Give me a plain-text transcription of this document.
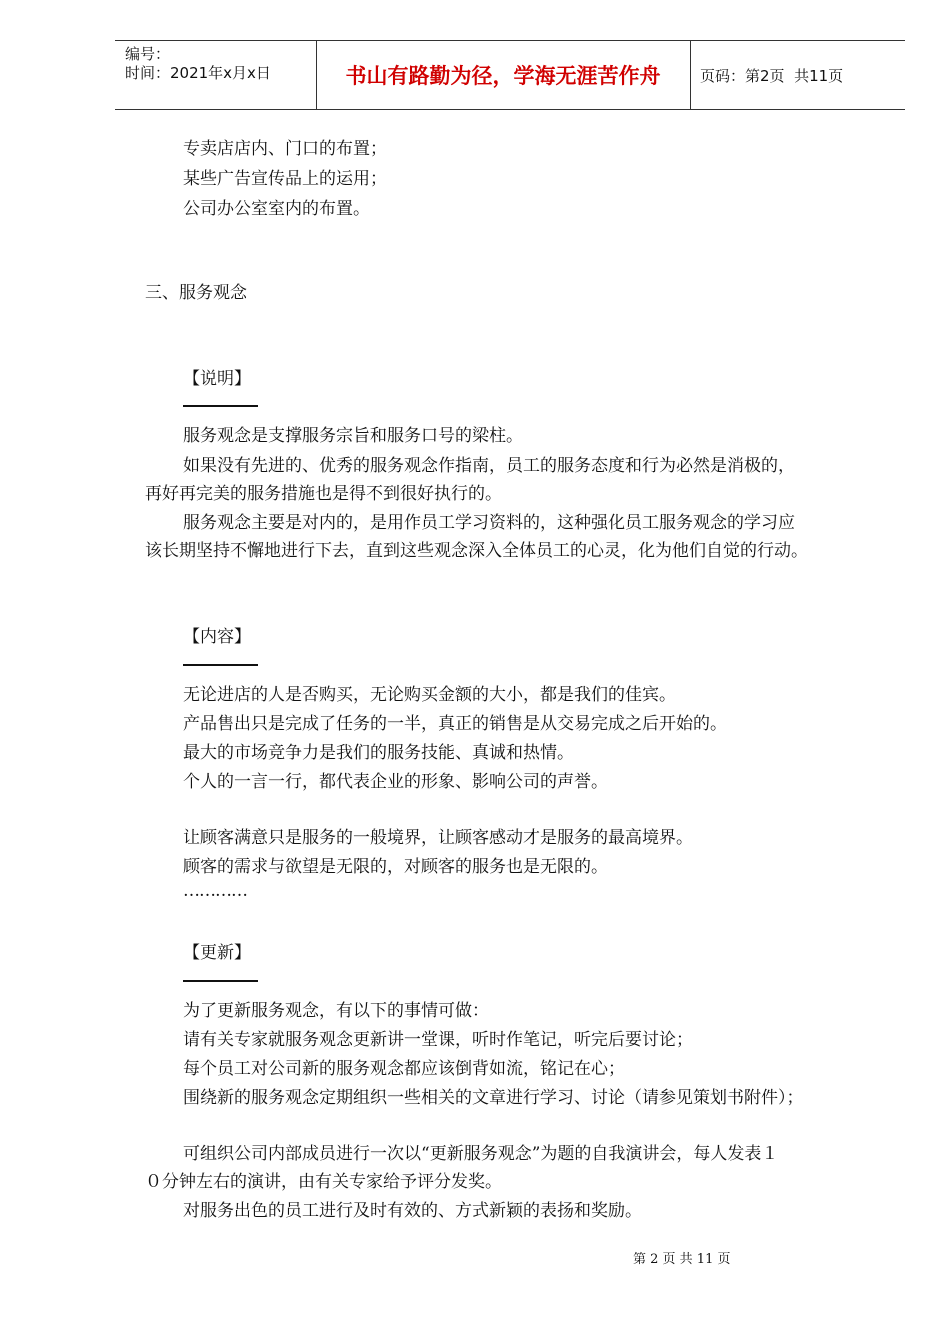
编号：
时间：2021年x月x日	书山有路勤为径，学海无涯苦作舟	页码：第2页  共11页
专卖店店内、门口的布置；
某些广告宣传品上的运用；
公司办公室室内的布置。
三、服务观念
【说明】
服务观念是支撑服务宗旨和服务口号的梁柱。
如果没有先进的、优秀的服务观念作指南，员工的服务态度和行为必然是消极的，
再好再完美的服务措施也是得不到很好执行的。
服务观念主要是对内的，是用作员工学习资料的，这种强化员工服务观念的学习应
该长期坚持不懈地进行下去，直到这些观念深入全体员工的心灵，化为他们自觉的行动。
【内容】
无论进店的人是否购买，无论购买金额的大小，都是我们的佳宾。
产品售出只是完成了任务的一半，真正的销售是从交易完成之后开始的。
最大的市场竞争力是我们的服务技能、真诚和热情。
个人的一言一行，都代表企业的形象、影响公司的声誉。
让顾客满意只是服务的一般境界，让顾客感动才是服务的最高境界。
顾客的需求与欲望是无限的，对顾客的服务也是无限的。
…………
【更新】
为了更新服务观念，有以下的事情可做：
请有关专家就服务观念更新讲一堂课，听时作笔记，听完后要讨论；
每个员工对公司新的服务观念都应该倒背如流，铭记在心；
围绕新的服务观念定期组织一些相关的文章进行学习、讨论（请参见策划书附件）；
可组织公司内部成员进行一次以“更新服务观念”为题的自我演讲会，每人发表１
０分钟左右的演讲，由有关专家给予评分发奖。
对服务出色的员工进行及时有效的、方式新颖的表扬和奖励。
第 2 页 共 11 页
